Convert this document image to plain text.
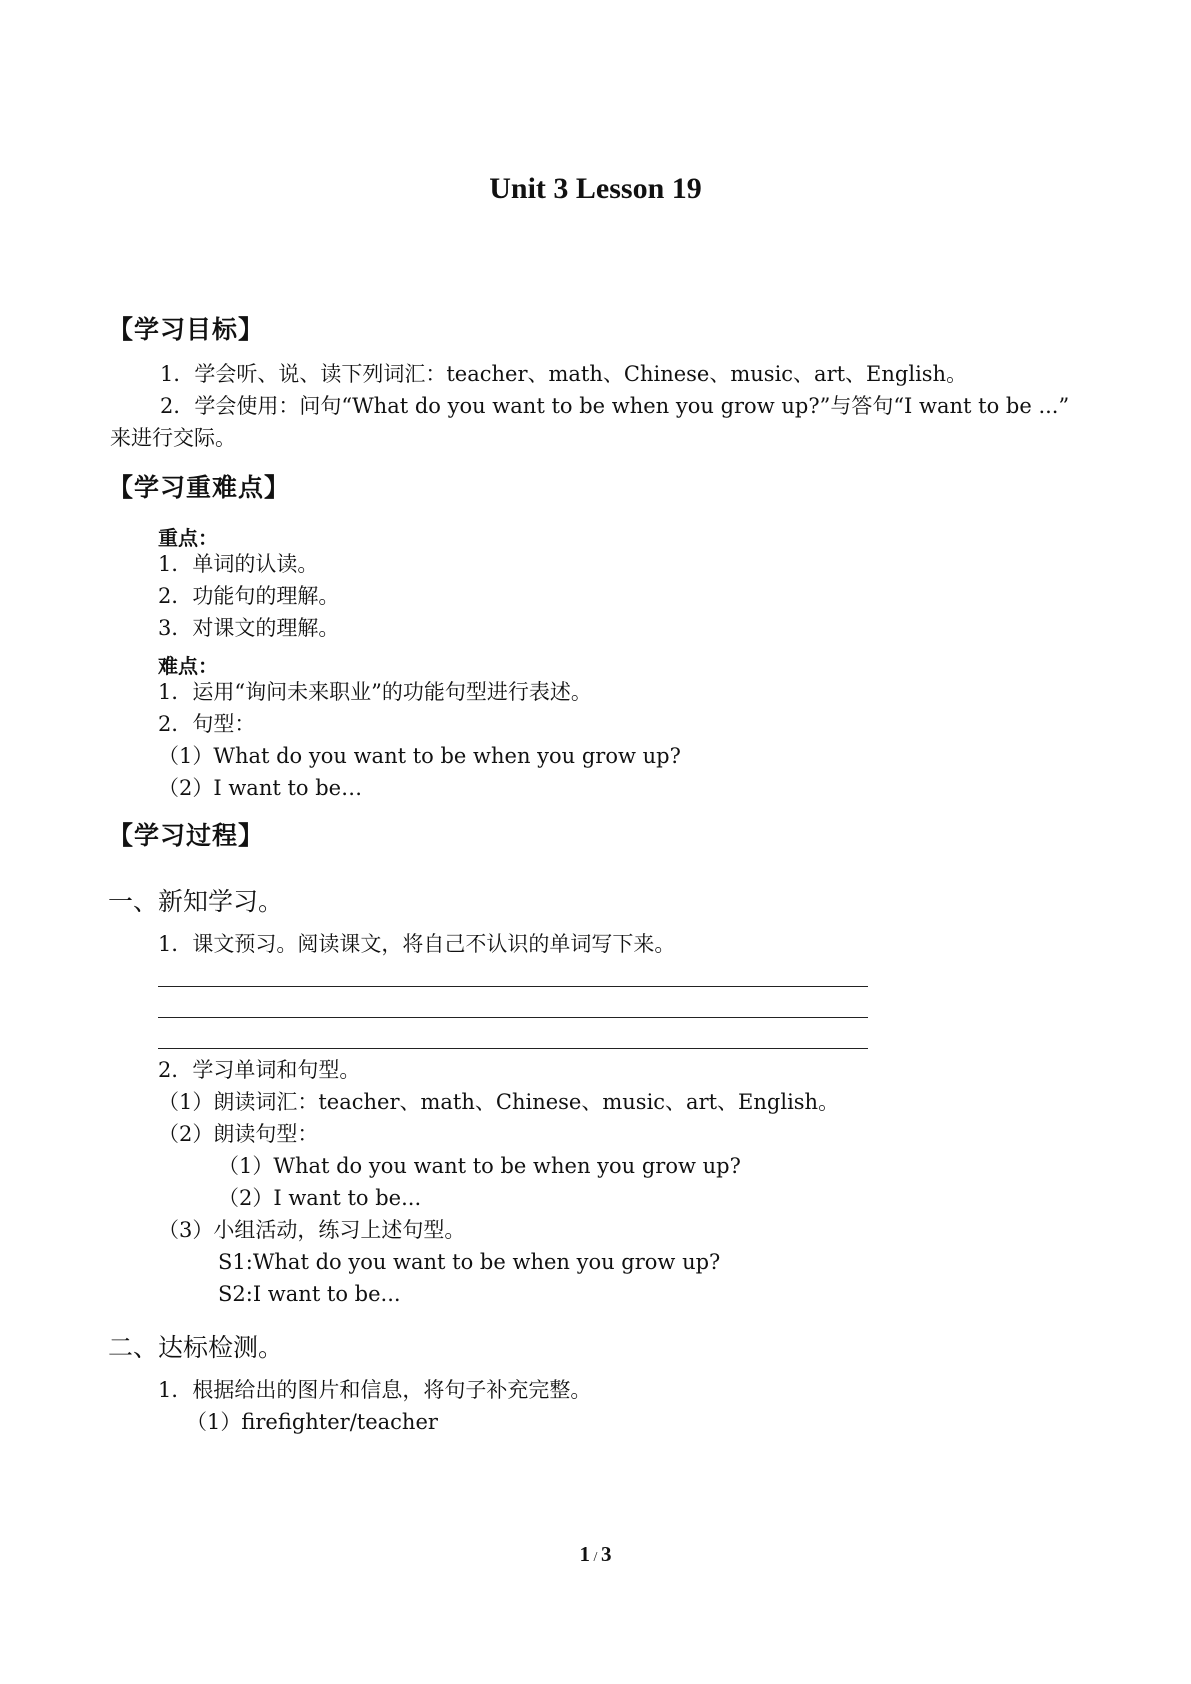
Unit 3 Lesson 19
【学习目标】
1．学会听、说、读下列词汇：teacher、math、Chinese、music、art、English。
2．学会使用：问句“What do you want to be when you grow up?”与答句“I want to be ...”
来进行交际。
【学习重难点】
重点：
1．单词的认读。
2．功能句的理解。
3．对课文的理解。
难点：
1．运用“询问未来职业”的功能句型进行表述。
2．句型：
（1）What do you want to be when you grow up?
（2）I want to be…
【学习过程】
一、新知学习。
1．课文预习。阅读课文，将自己不认识的单词写下来。
2．学习单词和句型。
（1）朗读词汇：teacher、math、Chinese、music、art、English。
（2）朗读句型：
（1）What do you want to be when you grow up?
（2）I want to be...
（3）小组活动，练习上述句型。
S1:What do you want to be when you grow up?
S2:I want to be...
二、达标检测。
1．根据给出的图片和信息，将句子补充完整。
（1）firefighter/teacher
1 / 3
